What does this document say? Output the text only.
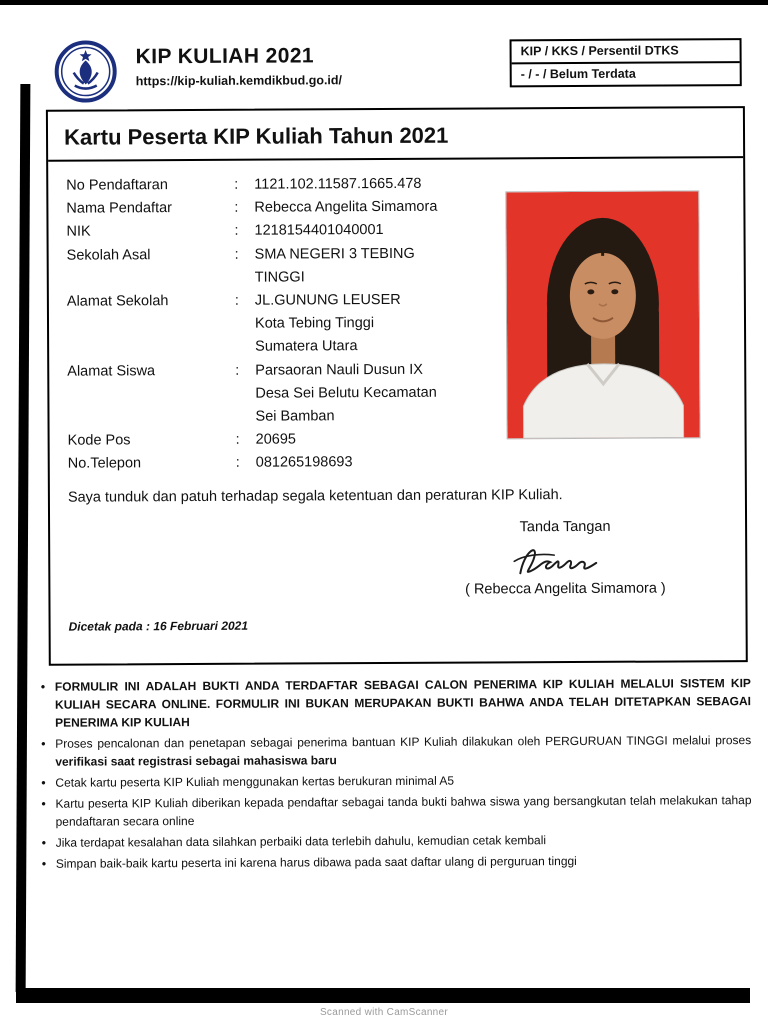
KIP KULIAH 2021
https://kip-kuliah.kemdikbud.go.id/
KIP / KKS / Persentil DTKS
- / - / Belum Terdata
Kartu Peserta KIP Kuliah Tahun 2021
No Pendaftaran	:	1121.102.11587.1665.478
Nama Pendaftar	:	Rebecca Angelita Simamora
NIK	:	1218154401040001
Sekolah Asal	:	SMA NEGERI 3 TEBING
TINGGI
Alamat Sekolah	:	JL.GUNUNG LEUSER
Kota Tebing Tinggi
Sumatera Utara
Alamat Siswa	:	Parsaoran Nauli Dusun IX
Desa Sei Belutu Kecamatan
Sei Bamban
Kode Pos	:	20695
No.Telepon	:	081265198693
Saya tunduk dan patuh terhadap segala ketentuan dan peraturan KIP Kuliah.
Tanda Tangan
( Rebecca Angelita Simamora )
Dicetak pada : 16 Februari 2021
• FORMULIR INI ADALAH BUKTI ANDA TERDAFTAR SEBAGAI CALON PENERIMA KIP KULIAH MELALUI SISTEM KIP KULIAH SECARA ONLINE. FORMULIR INI BUKAN MERUPAKAN BUKTI BAHWA ANDA TELAH DITETAPKAN SEBAGAI PENERIMA KIP KULIAH
• Proses pencalonan dan penetapan sebagai penerima bantuan KIP Kuliah dilakukan oleh PERGURUAN TINGGI melalui proses verifikasi saat registrasi sebagai mahasiswa baru
• Cetak kartu peserta KIP Kuliah menggunakan kertas berukuran minimal A5
• Kartu peserta KIP Kuliah diberikan kepada pendaftar sebagai tanda bukti bahwa siswa yang bersangkutan telah melakukan tahap pendaftaran secara online
• Jika terdapat kesalahan data silahkan perbaiki data terlebih dahulu, kemudian cetak kembali
• Simpan baik-baik kartu peserta ini karena harus dibawa pada saat daftar ulang di perguruan tinggi
Scanned with CamScanner
